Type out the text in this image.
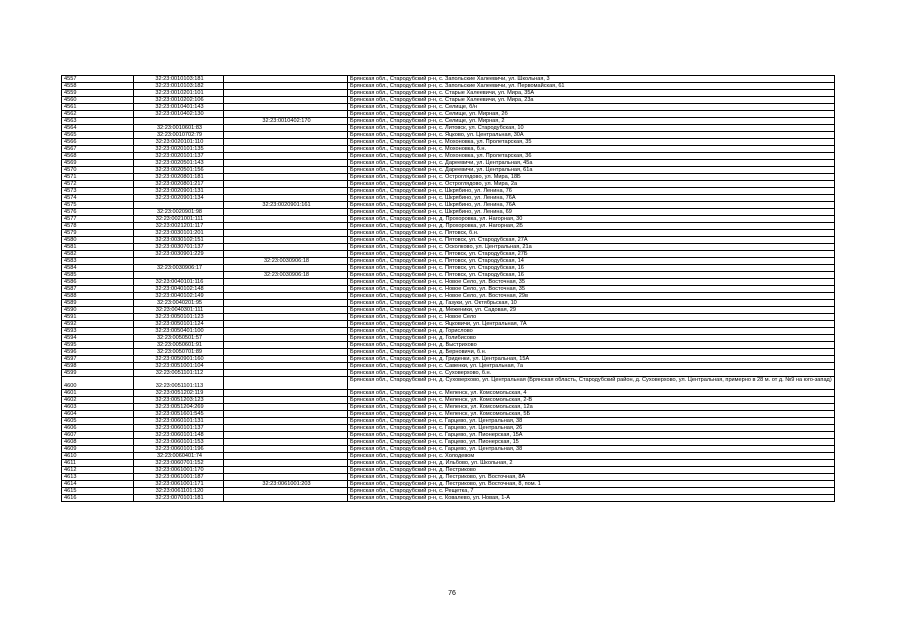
4557	32:23:0010103:181		Брянская обл., Стародубский р-н, с. Запольские Халеевичи, ул. Школьная, 3
4558	32:23:0010103:182		Брянская обл., Стародубский р-н, с. Запольские Халеевичи, ул. Первомайская, 61
4559	32:23:0010201:101		Брянская обл., Стародубский р-н, с. Старые Халеевичи, ул. Мира, 35А
4560	32:23:0010202:106		Брянская обл., Стародубский р-н, с. Старые Халеевичи, ул. Мира, 23а
4561	32:23:0010401:143		Брянская обл., Стародубский р-н, с. Селище, б/н
4562	32:23:0010402:130		Брянская обл., Стародубский р-н, с. Селище, ул. Мирная, 2б
4563		32:23:0010402:170	Брянская обл., Стародубский р-н, с. Селище, ул. Мирная, 2
4564	32:23:0010601:83		Брянская обл., Стародубский р-н, с. Литовск, ул. Стародубская, 10
4565	32:23:0010702:79		Брянская обл., Стародубский р-н, с. Яцково, ул. Центральная, 30А
4566	32:23:0020101:110		Брянская обл., Стародубский р-н, с. Мохоновка, ул. Пролетарская, 35
4567	32:23:0020101:135		Брянская обл., Стародубский р-н, с. Мохоновка, б.н.
4568	32:23:0020101:137		Брянская обл., Стародубский р-н, с. Мохоновка, ул. Пролетарская, 36
4569	32:23:0020501:143		Брянская обл., Стародубский р-н, с. Дареевичи, ул. Центральная, 45а
4570	32:23:0020501:156		Брянская обл., Стародубский р-н, с. Дареевичи, ул. Центральная, 61а
4571	32:23:0020801:181		Брянская обл., Стародубский р-н, с. Остроглядово, ул. Мира, 18Б
4572	32:23:0020801:217		Брянская обл., Стародубский р-н, с. Остроглядово, ул. Мира, 2а
4573	32:23:0020901:131		Брянская обл., Стародубский р-н, с. Шкрябино, ул. Ленина, 76
4574	32:23:0020901:134		Брянская обл., Стародубский р-н, с. Шкрябино, ул. Ленина, 76А
4575		32:23:0020901:161	Брянская обл., Стародубский р-н, с. Шкрябино, ул. Ленина, 76А
4576	32:23:0020901:98		Брянская обл., Стародубский р-н, с. Шкрябино, ул. Ленина, 69
4577	32:23:0021001:111		Брянская обл., Стародубский р-н, д. Прохоровка, ул. Нагорная, 30
4578	32:23:0021201:117		Брянская обл., Стародубский р-н, д. Прохоровка, ул. Нагорная, 2Б
4579	32:23:0030101:201		Брянская обл., Стародубский р-н, с. Пятовск, б.н.
4580	32:23:0030102:151		Брянская обл., Стародубский р-н, с. Пятовск, ул. Стародубская, 27А
4581	32:23:0030701:137		Брянская обл., Стародубский р-н, с. Осколково, ул. Центральная, 21а
4582	32:23:0030901:229		Брянская обл., Стародубский р-н, с. Пятовск, ул. Стародубская, 27Б
4583		32:23:0030906:18	Брянская обл., Стародубский р-н, с. Пятовск, ул. Стародубская, 14
4584	32:23:0030906:17		Брянская обл., Стародубский р-н, с. Пятовск, ул. Стародубская, 16
4585		32:23:0030906:18	Брянская обл., Стародубский р-н, с. Пятовск, ул. Стародубская, 16
4586	32:23:0040101:116		Брянская обл., Стародубский р-н, с. Новое Село, ул. Восточная, 35
4587	32:23:0040102:148		Брянская обл., Стародубский р-н, с. Новое Село, ул. Восточная, 35
4588	32:23:0040102:149		Брянская обл., Стародубский р-н, с. Новое Село, ул. Восточная, 29в
4589	32:23:0040201:95		Брянская обл., Стародубский р-н, д. Газуки, ул. Октябрьская, 10
4590	32:23:0040301:111		Брянская обл., Стародубский р-н, д. Меженики, ул. Садовая, 29
4591	32:23:0050101:123		Брянская обл., Стародубский р-н, с. Новое Село
4592	32:23:0050101:124		Брянская обл., Стародубский р-н, с. Яцковичи, ул. Центральная, 7А
4593	32:23:0050401:100		Брянская обл., Стародубский р-н, д. Горислово
4594	32:23:0050501:57		Брянская обл., Стародубский р-н, д. Голибисово
4595	32:23:0050601:91		Брянская обл., Стародубский р-н, д. Выстрихово
4596	32:23:0050701:89		Брянская обл., Стародубский р-н, д. Берновичи, б.н.
4597	32:23:0050901:160		Брянская обл., Стародубский р-н, д. Гриденки, ул. Центральная, 15А
4598	32:23:0051001:104		Брянская обл., Стародубский р-н, с. Савенки, ул. Центральная, 7а
4599	32:23:0051101:112		Брянская обл., Стародубский р-н, с. Суховерхово, б.н.
4600	32:23:0051101:113		Брянская обл., Стародубский р-н, д. Суховерхово, ул. Центральная (Брянская область, Стародубский район, д. Суховерхово, ул. Центральная, примерно в 28 м. от д. №9 на юго-запад)
4601	32:23:0051202:119		Брянская обл., Стародубский р-н, с. Меленск, ул. Комсомольская, 4
4602	32:23:0051203:123		Брянская обл., Стародубский р-н, с. Меленск, ул. Комсомольская, 2-В
4603	32:23:0051204:269		Брянская обл., Стародубский р-н, с. Меленск, ул. Комсомольская, 12а
4604	32:23:0051601:545		Брянская обл., Стародубский р-н, с. Меленск, ул. Комсомольская, 5Б
4605	32:23:0060101:131		Брянская обл., Стародубский р-н, с. Гарцево, ул. Центральная, 38
4606	32:23:0060101:137		Брянская обл., Стародубский р-н, с. Гарцево, ул. Центральная, 26
4607	32:23:0060101:148		Брянская обл., Стародубский р-н, с. Гарцево, ул. Пионерская, 15А
4608	32:23:0060101:153		Брянская обл., Стародубский р-н, с. Гарцево, ул. Пионерская, 15
4609	32:23:0060101:196		Брянская обл., Стародубский р-н, с. Гарцево, ул. Центральная, 38
4610	32:23:0060401:74		Брянская обл., Стародубский р-н, с. Холодевом
4611	32:23:0060701:152		Брянская обл., Стародубский р-н, д. Ильбово, ул. Школьная, 2
4612	32:23:0061001:170		Брянская обл., Стародубский р-н, д. Пестриково
4613	32:23:0061001:187		Брянская обл., Стародубский р-н, д. Пестриково, ул. Восточная, 8А
4614	32:23:0061001:171	32:23:0061001:203	Брянская обл., Стародубский р-н, д. Пестриково, ул. Восточная, 8, пом. 1
4615	32:23:0061101:120		Брянская обл., Стародубский р-н, с. Рещетка, 7
4616	32:23:0070101:181		Брянская обл., Стародубский р-н, с. Ковалево, ул. Новая, 1-А
76
